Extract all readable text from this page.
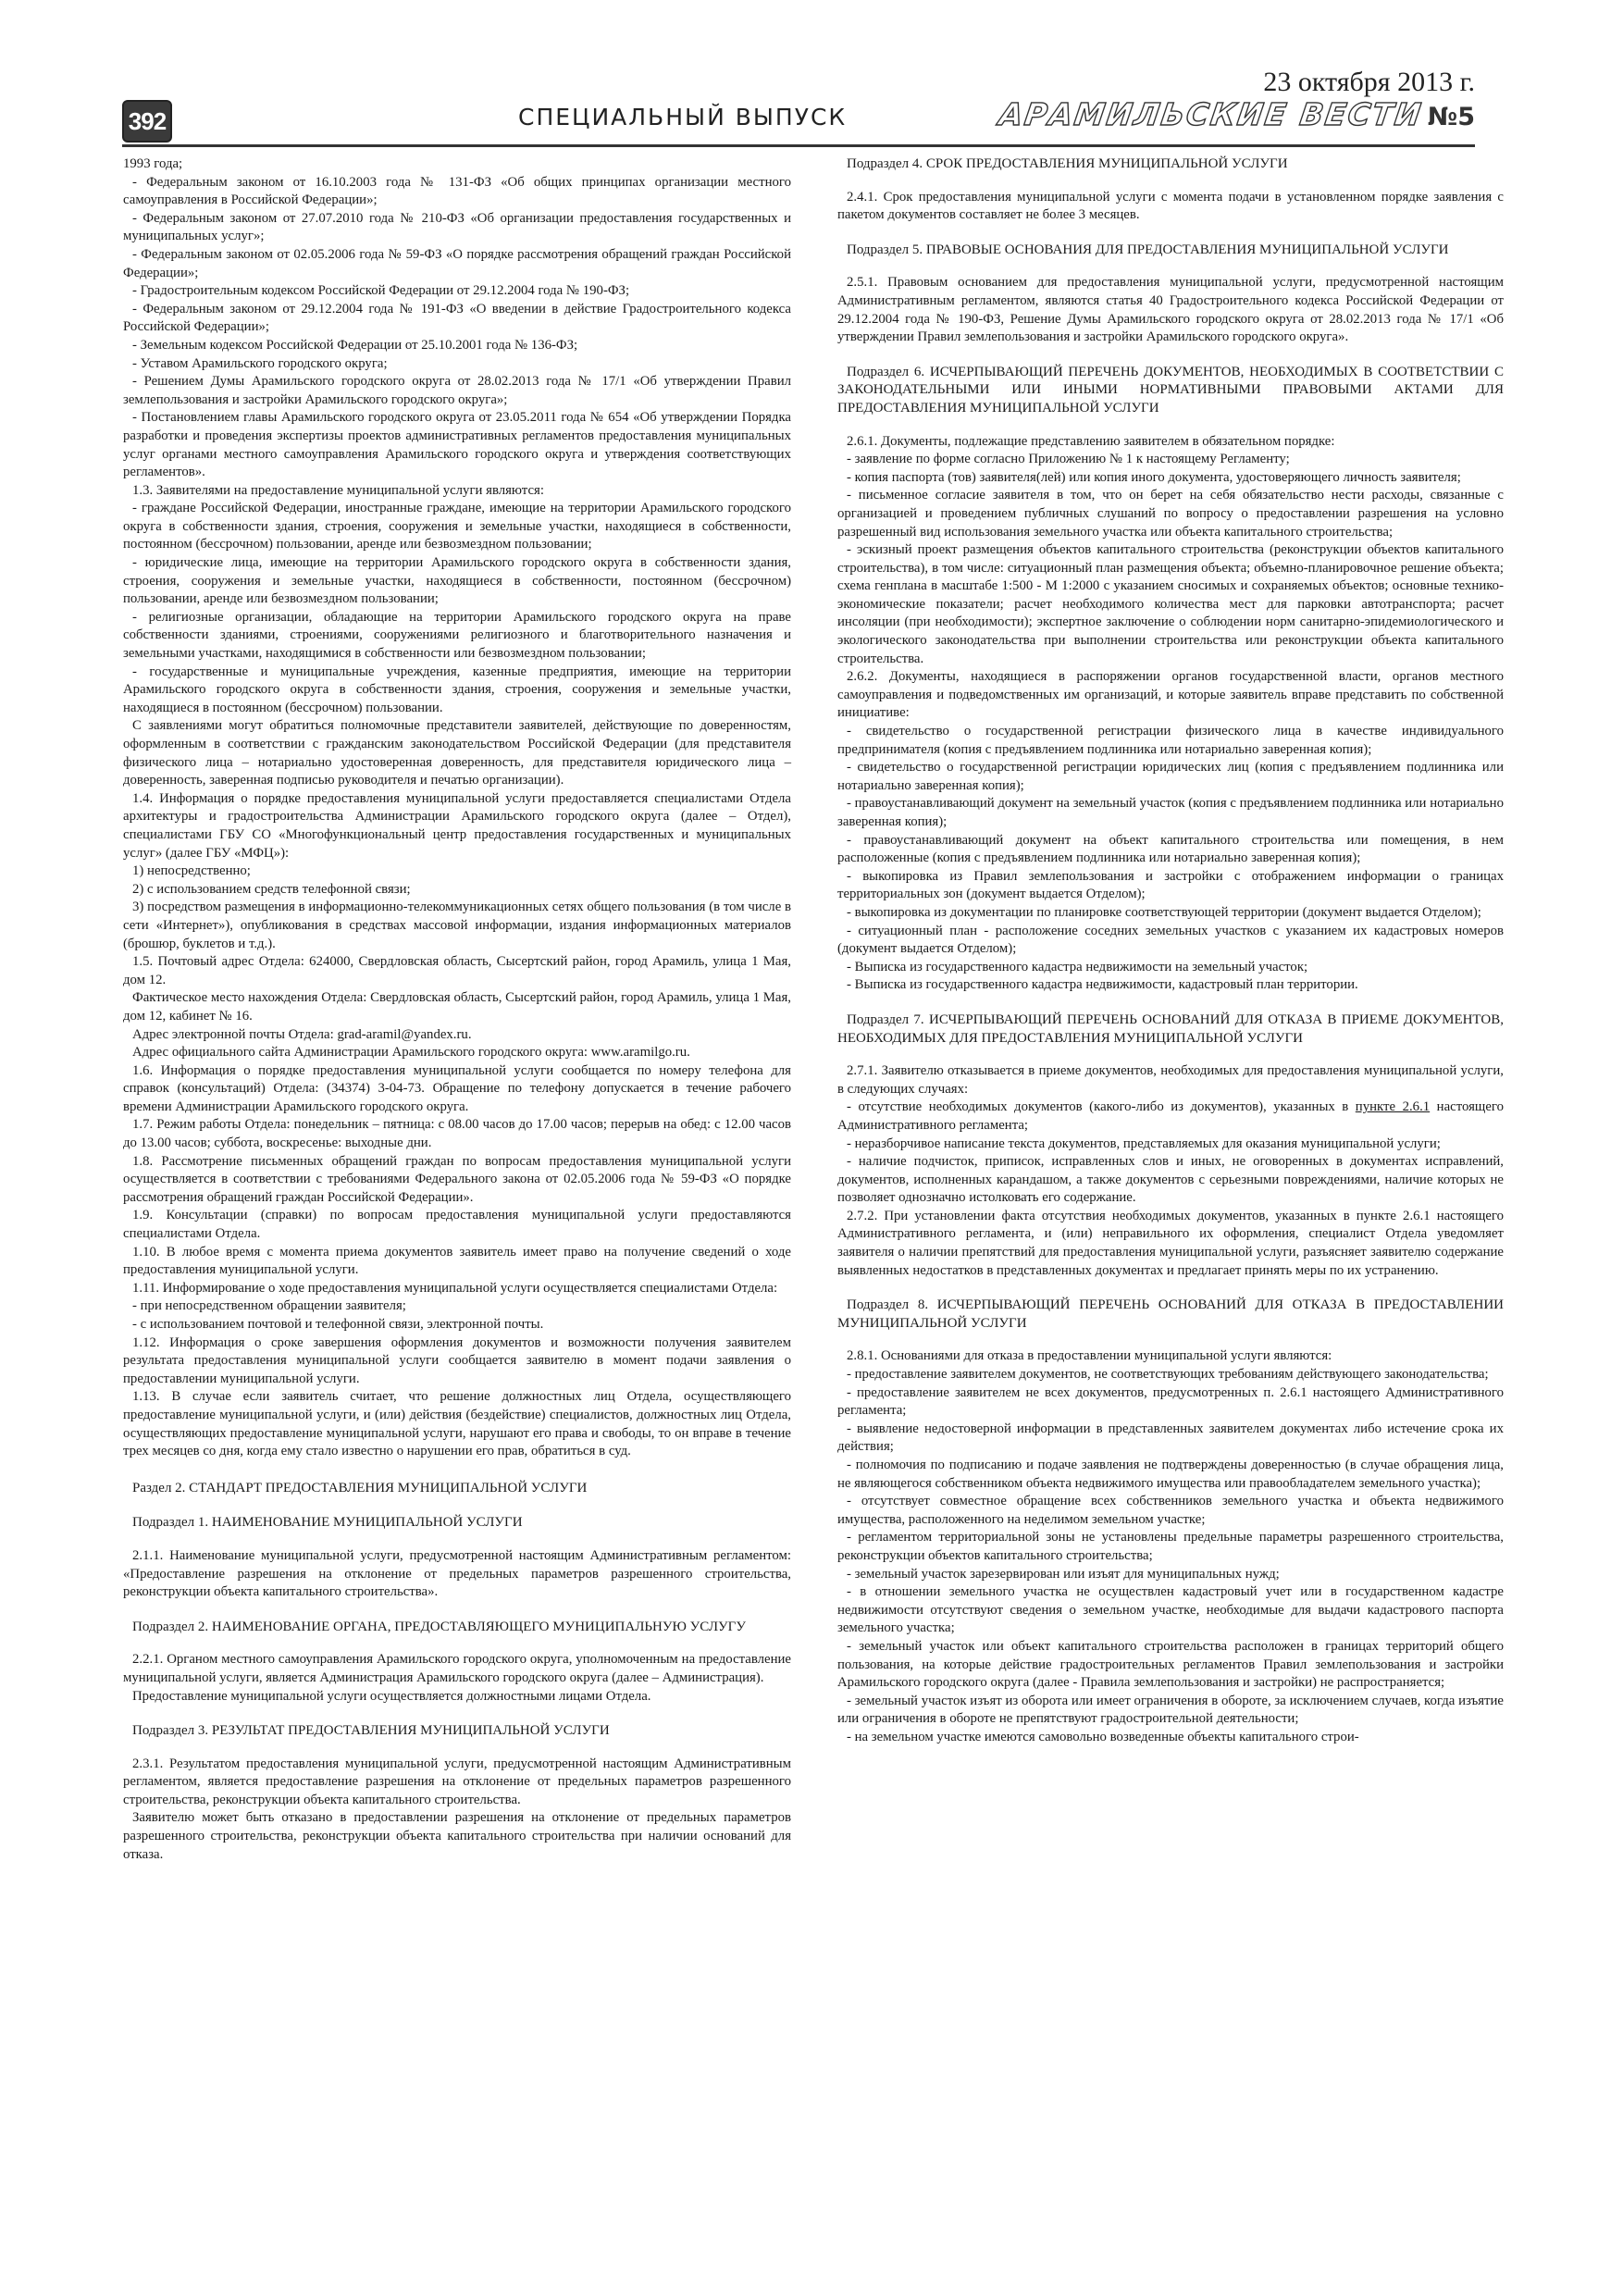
392	СПЕЦИАЛЬНЫЙ ВЫПУСК
23 октября 2013 г.
АРАМИЛЬСКИЕ ВЕСТИ №5

1993 года;

- Федеральным законом от 16.10.2003 года № 131-ФЗ «Об общих принципах организации местного самоуправления в Российской Федерации»;

- Федеральным законом от 27.07.2010 года № 210-ФЗ «Об организации предоставления государственных и муниципальных услуг»;

- Федеральным законом от 02.05.2006 года № 59-ФЗ «О порядке рассмотрения обращений граждан Российской Федерации»;

- Градостроительным кодексом Российской Федерации от 29.12.2004 года № 190-ФЗ;

- Федеральным законом от 29.12.2004 года № 191-ФЗ «О введении в действие Градостроительного кодекса Российской Федерации»;

- Земельным кодексом Российской Федерации от 25.10.2001 года № 136-ФЗ;

- Уставом Арамильского городского округа;

- Решением Думы Арамильского городского округа от 28.02.2013 года № 17/1 «Об утверждении Правил землепользования и застройки Арамильского городского округа»;

- Постановлением главы Арамильского городского округа от 23.05.2011 года № 654 «Об утверждении Порядка разработки и проведения экспертизы проектов административных регламентов предоставления муниципальных услуг органами местного самоуправления Арамильского городского округа и утверждения соответствующих регламентов».

1.3. Заявителями на предоставление муниципальной услуги являются:

- граждане Российской Федерации, иностранные граждане, имеющие на территории Арамильского городского округа в собственности здания, строения, сооружения и земельные участки, находящиеся в собственности, постоянном (бессрочном) пользовании, аренде или безвозмездном пользовании;

- юридические лица, имеющие на территории Арамильского городского округа в собственности здания, строения, сооружения и земельные участки, находящиеся в собственности, постоянном (бессрочном) пользовании, аренде или безвозмездном пользовании;

- религиозные организации, обладающие на территории Арамильского городского округа на праве собственности зданиями, строениями, сооружениями религиозного и благотворительного назначения и земельными участками, находящимися в собственности или безвозмездном пользовании;

- государственные и муниципальные учреждения, казенные предприятия, имеющие на территории Арамильского городского округа в собственности здания, строения, сооружения и земельные участки, находящиеся в постоянном (бессрочном) пользовании.

С заявлениями могут обратиться полномочные представители заявителей, действующие по доверенностям, оформленным в соответствии с гражданским законодательством Российской Федерации (для представителя физического лица – нотариально удостоверенная доверенность, для представителя юридического лица – доверенность, заверенная подписью руководителя и печатью организации).

1.4. Информация о порядке предоставления муниципальной услуги предоставляется специалистами Отдела архитектуры и градостроительства Администрации Арамильского городского округа (далее – Отдел), специалистами ГБУ СО «Многофункциональный центр предоставления государственных и муниципальных услуг» (далее ГБУ «МФЦ»):

1) непосредственно;

2) с использованием средств телефонной связи;

3) посредством размещения в информационно-телекоммуникационных сетях общего пользования (в том числе в сети «Интернет»), опубликования в средствах массовой информации, издания информационных материалов (брошюр, буклетов и т.д.).

1.5. Почтовый адрес Отдела: 624000, Свердловская область, Сысертский район, город Арамиль, улица 1 Мая, дом 12.

Фактическое место нахождения Отдела: Свердловская область, Сысертский район, город Арамиль, улица 1 Мая, дом 12, кабинет № 16.

Адрес электронной почты Отдела: grad-aramil@yandex.ru.

Адрес официального сайта Администрации Арамильского городского округа: www.aramilgo.ru.

1.6. Информация о порядке предоставления муниципальной услуги сообщается по номеру телефона для справок (консультаций) Отдела: (34374) 3-04-73. Обращение по телефону допускается в течение рабочего времени Администрации Арамильского городского округа.

1.7. Режим работы Отдела: понедельник – пятница: с 08.00 часов до 17.00 часов; перерыв на обед: с 12.00 часов до 13.00 часов; суббота, воскресенье: выходные дни.

1.8. Рассмотрение письменных обращений граждан по вопросам предоставления муниципальной услуги осуществляется в соответствии с требованиями Федерального закона от 02.05.2006 года № 59-ФЗ «О порядке рассмотрения обращений граждан Российской Федерации».

1.9. Консультации (справки) по вопросам предоставления муниципальной услуги предоставляются специалистами Отдела.

1.10. В любое время с момента приема документов заявитель имеет право на получение сведений о ходе предоставления муниципальной услуги.

1.11. Информирование о ходе предоставления муниципальной услуги осуществляется специалистами Отдела:

- при непосредственном обращении заявителя;

- с использованием почтовой и телефонной связи, электронной почты.

1.12. Информация о сроке завершения оформления документов и возможности получения заявителем результата предоставления муниципальной услуги сообщается заявителю в момент подачи заявления о предоставлении муниципальной услуги.

1.13. В случае если заявитель считает, что решение должностных лиц Отдела, осуществляющего предоставление муниципальной услуги, и (или) действия (бездействие) специалистов, должностных лиц Отдела, осуществляющих предоставление муниципальной услуги, нарушают его права и свободы, то он вправе в течение трех месяцев со дня, когда ему стало известно о нарушении его прав, обратиться в суд.

Раздел 2. СТАНДАРТ ПРЕДОСТАВЛЕНИЯ МУНИЦИПАЛЬНОЙ УСЛУГИ
Подраздел 1. НАИМЕНОВАНИЕ МУНИЦИПАЛЬНОЙ УСЛУГИ

2.1.1. Наименование муниципальной услуги, предусмотренной настоящим Административным регламентом: «Предоставление разрешения на отклонение от предельных параметров разрешенного строительства, реконструкции объекта капитального строительства».

Подраздел 2. НАИМЕНОВАНИЕ ОРГАНА, ПРЕДОСТАВЛЯЮЩЕГО МУНИЦИПАЛЬНУЮ УСЛУГУ

2.2.1. Органом местного самоуправления Арамильского городского округа, уполномоченным на предоставление муниципальной услуги, является Администрация Арамильского городского округа (далее – Администрация).

Предоставление муниципальной услуги осуществляется должностными лицами Отдела.

Подраздел 3. РЕЗУЛЬТАТ ПРЕДОСТАВЛЕНИЯ МУНИЦИПАЛЬНОЙ УСЛУГИ

2.3.1. Результатом предоставления муниципальной услуги, предусмотренной настоящим Административным регламентом, является предоставление разрешения на отклонение от предельных параметров разрешенного строительства, реконструкции объекта капитального строительства.

Заявителю может быть отказано в предоставлении разрешения на отклонение от предельных параметров разрешенного строительства, реконструкции объекта капитального строительства при наличии оснований для отказа.

Подраздел 4. СРОК ПРЕДОСТАВЛЕНИЯ МУНИЦИПАЛЬНОЙ УСЛУГИ

2.4.1. Срок предоставления муниципальной услуги с момента подачи в установленном порядке заявления с пакетом документов составляет не более 3 месяцев.

Подраздел 5. ПРАВОВЫЕ ОСНОВАНИЯ ДЛЯ ПРЕДОСТАВЛЕНИЯ МУНИЦИПАЛЬНОЙ УСЛУГИ

2.5.1. Правовым основанием для предоставления муниципальной услуги, предусмотренной настоящим Административным регламентом, являются статья 40 Градостроительного кодекса Российской Федерации от 29.12.2004 года № 190-ФЗ, Решение Думы Арамильского городского округа от 28.02.2013 года № 17/1 «Об утверждении Правил землепользования и застройки Арамильского городского округа».

Подраздел 6. ИСЧЕРПЫВАЮЩИЙ ПЕРЕЧЕНЬ ДОКУМЕНТОВ, НЕОБХОДИМЫХ В СООТВЕТСТВИИ С ЗАКОНОДАТЕЛЬНЫМИ ИЛИ ИНЫМИ НОРМАТИВНЫМИ ПРАВОВЫМИ АКТАМИ ДЛЯ ПРЕДОСТАВЛЕНИЯ МУНИЦИПАЛЬНОЙ УСЛУГИ

2.6.1. Документы, подлежащие представлению заявителем в обязательном порядке:

- заявление по форме согласно Приложению № 1 к настоящему Регламенту;

- копия паспорта (тов) заявителя(лей) или копия иного документа, удостоверяющего личность заявителя;

- письменное согласие заявителя в том, что он берет на себя обязательство нести расходы, связанные с организацией и проведением публичных слушаний по вопросу о предоставлении разрешения на условно разрешенный вид использования земельного участка или объекта капитального строительства;

- эскизный проект размещения объектов капитального строительства (реконструкции объектов капитального строительства), в том числе: ситуационный план размещения объекта; объемно-планировочное решение объекта; схема генплана в масштабе 1:500 - М 1:2000 с указанием сносимых и сохраняемых объектов; основные технико-экономические показатели; расчет необходимого количества мест для парковки автотранспорта; расчет инсоляции (при необходимости); экспертное заключение о соблюдении норм санитарно-эпидемиологического и экологического законодательства при выполнении строительства или реконструкции объекта капитального строительства.

2.6.2. Документы, находящиеся в распоряжении органов государственной власти, органов местного самоуправления и подведомственных им организаций, и которые заявитель вправе представить по собственной инициативе:

- свидетельство о государственной регистрации физического лица в качестве индивидуального предпринимателя (копия с предъявлением подлинника или нотариально заверенная копия);

- свидетельство о государственной регистрации юридических лиц (копия с предъявлением подлинника или нотариально заверенная копия);

- правоустанавливающий документ на земельный участок (копия с предъявлением подлинника или нотариально заверенная копия);

- правоустанавливающий документ на объект капитального строительства или помещения, в нем расположенные (копия с предъявлением подлинника или нотариально заверенная копия);

- выкопировка из Правил землепользования и застройки с отображением информации о границах территориальных зон (документ выдается Отделом);

- выкопировка из документации по планировке соответствующей территории (документ выдается Отделом);

- ситуационный план - расположение соседних земельных участков с указанием их кадастровых номеров (документ выдается Отделом);

- Выписка из государственного кадастра недвижимости на земельный участок;

- Выписка из государственного кадастра недвижимости, кадастровый план территории.

Подраздел 7. ИСЧЕРПЫВАЮЩИЙ ПЕРЕЧЕНЬ ОСНОВАНИЙ ДЛЯ ОТКАЗА В ПРИЕМЕ ДОКУМЕНТОВ, НЕОБХОДИМЫХ ДЛЯ ПРЕДОСТАВЛЕНИЯ МУНИЦИПАЛЬНОЙ УСЛУГИ

2.7.1. Заявителю отказывается в приеме документов, необходимых для предоставления муниципальной услуги, в следующих случаях:

- отсутствие необходимых документов (какого-либо из документов), указанных в пункте 2.6.1 настоящего Административного регламента;

- неразборчивое написание текста документов, представляемых для оказания муниципальной услуги;

- наличие подчисток, приписок, исправленных слов и иных, не оговоренных в документах исправлений, документов, исполненных карандашом, а также документов с серьезными повреждениями, наличие которых не позволяет однозначно истолковать его содержание.

2.7.2. При установлении факта отсутствия необходимых документов, указанных в пункте 2.6.1 настоящего Административного регламента, и (или) неправильного их оформления, специалист Отдела уведомляет заявителя о наличии препятствий для предоставления муниципальной услуги, разъясняет заявителю содержание выявленных недостатков в представленных документах и предлагает принять меры по их устранению.

Подраздел 8. ИСЧЕРПЫВАЮЩИЙ ПЕРЕЧЕНЬ ОСНОВАНИЙ ДЛЯ ОТКАЗА В ПРЕДОСТАВЛЕНИИ МУНИЦИПАЛЬНОЙ УСЛУГИ

2.8.1. Основаниями для отказа в предоставлении муниципальной услуги являются:

- предоставление заявителем документов, не соответствующих требованиям действующего законодательства;

- предоставление заявителем не всех документов, предусмотренных п. 2.6.1 настоящего Административного регламента;

- выявление недостоверной информации в представленных заявителем документах либо истечение срока их действия;

- полномочия по подписанию и подаче заявления не подтверждены доверенностью (в случае обращения лица, не являющегося собственником объекта недвижимого имущества или правообладателем земельного участка);

- отсутствует совместное обращение всех собственников земельного участка и объекта недвижимого имущества, расположенного на неделимом земельном участке;

- регламентом территориальной зоны не установлены предельные параметры разрешенного строительства, реконструкции объектов капитального строительства;

- земельный участок зарезервирован или изъят для муниципальных нужд;

- в отношении земельного участка не осуществлен кадастровый учет или в государственном кадастре недвижимости отсутствуют сведения о земельном участке, необходимые для выдачи кадастрового паспорта земельного участка;

- земельный участок или объект капитального строительства расположен в границах территорий общего пользования, на которые действие градостроительных регламентов Правил землепользования и застройки Арамильского городского округа (далее - Правила землепользования и застройки) не распространяется;

- земельный участок изъят из оборота или имеет ограничения в обороте, за исключением случаев, когда изъятие или ограничения в обороте не препятствуют градостроительной деятельности;

- на земельном участке имеются самовольно возведенные объекты капитального строи-
